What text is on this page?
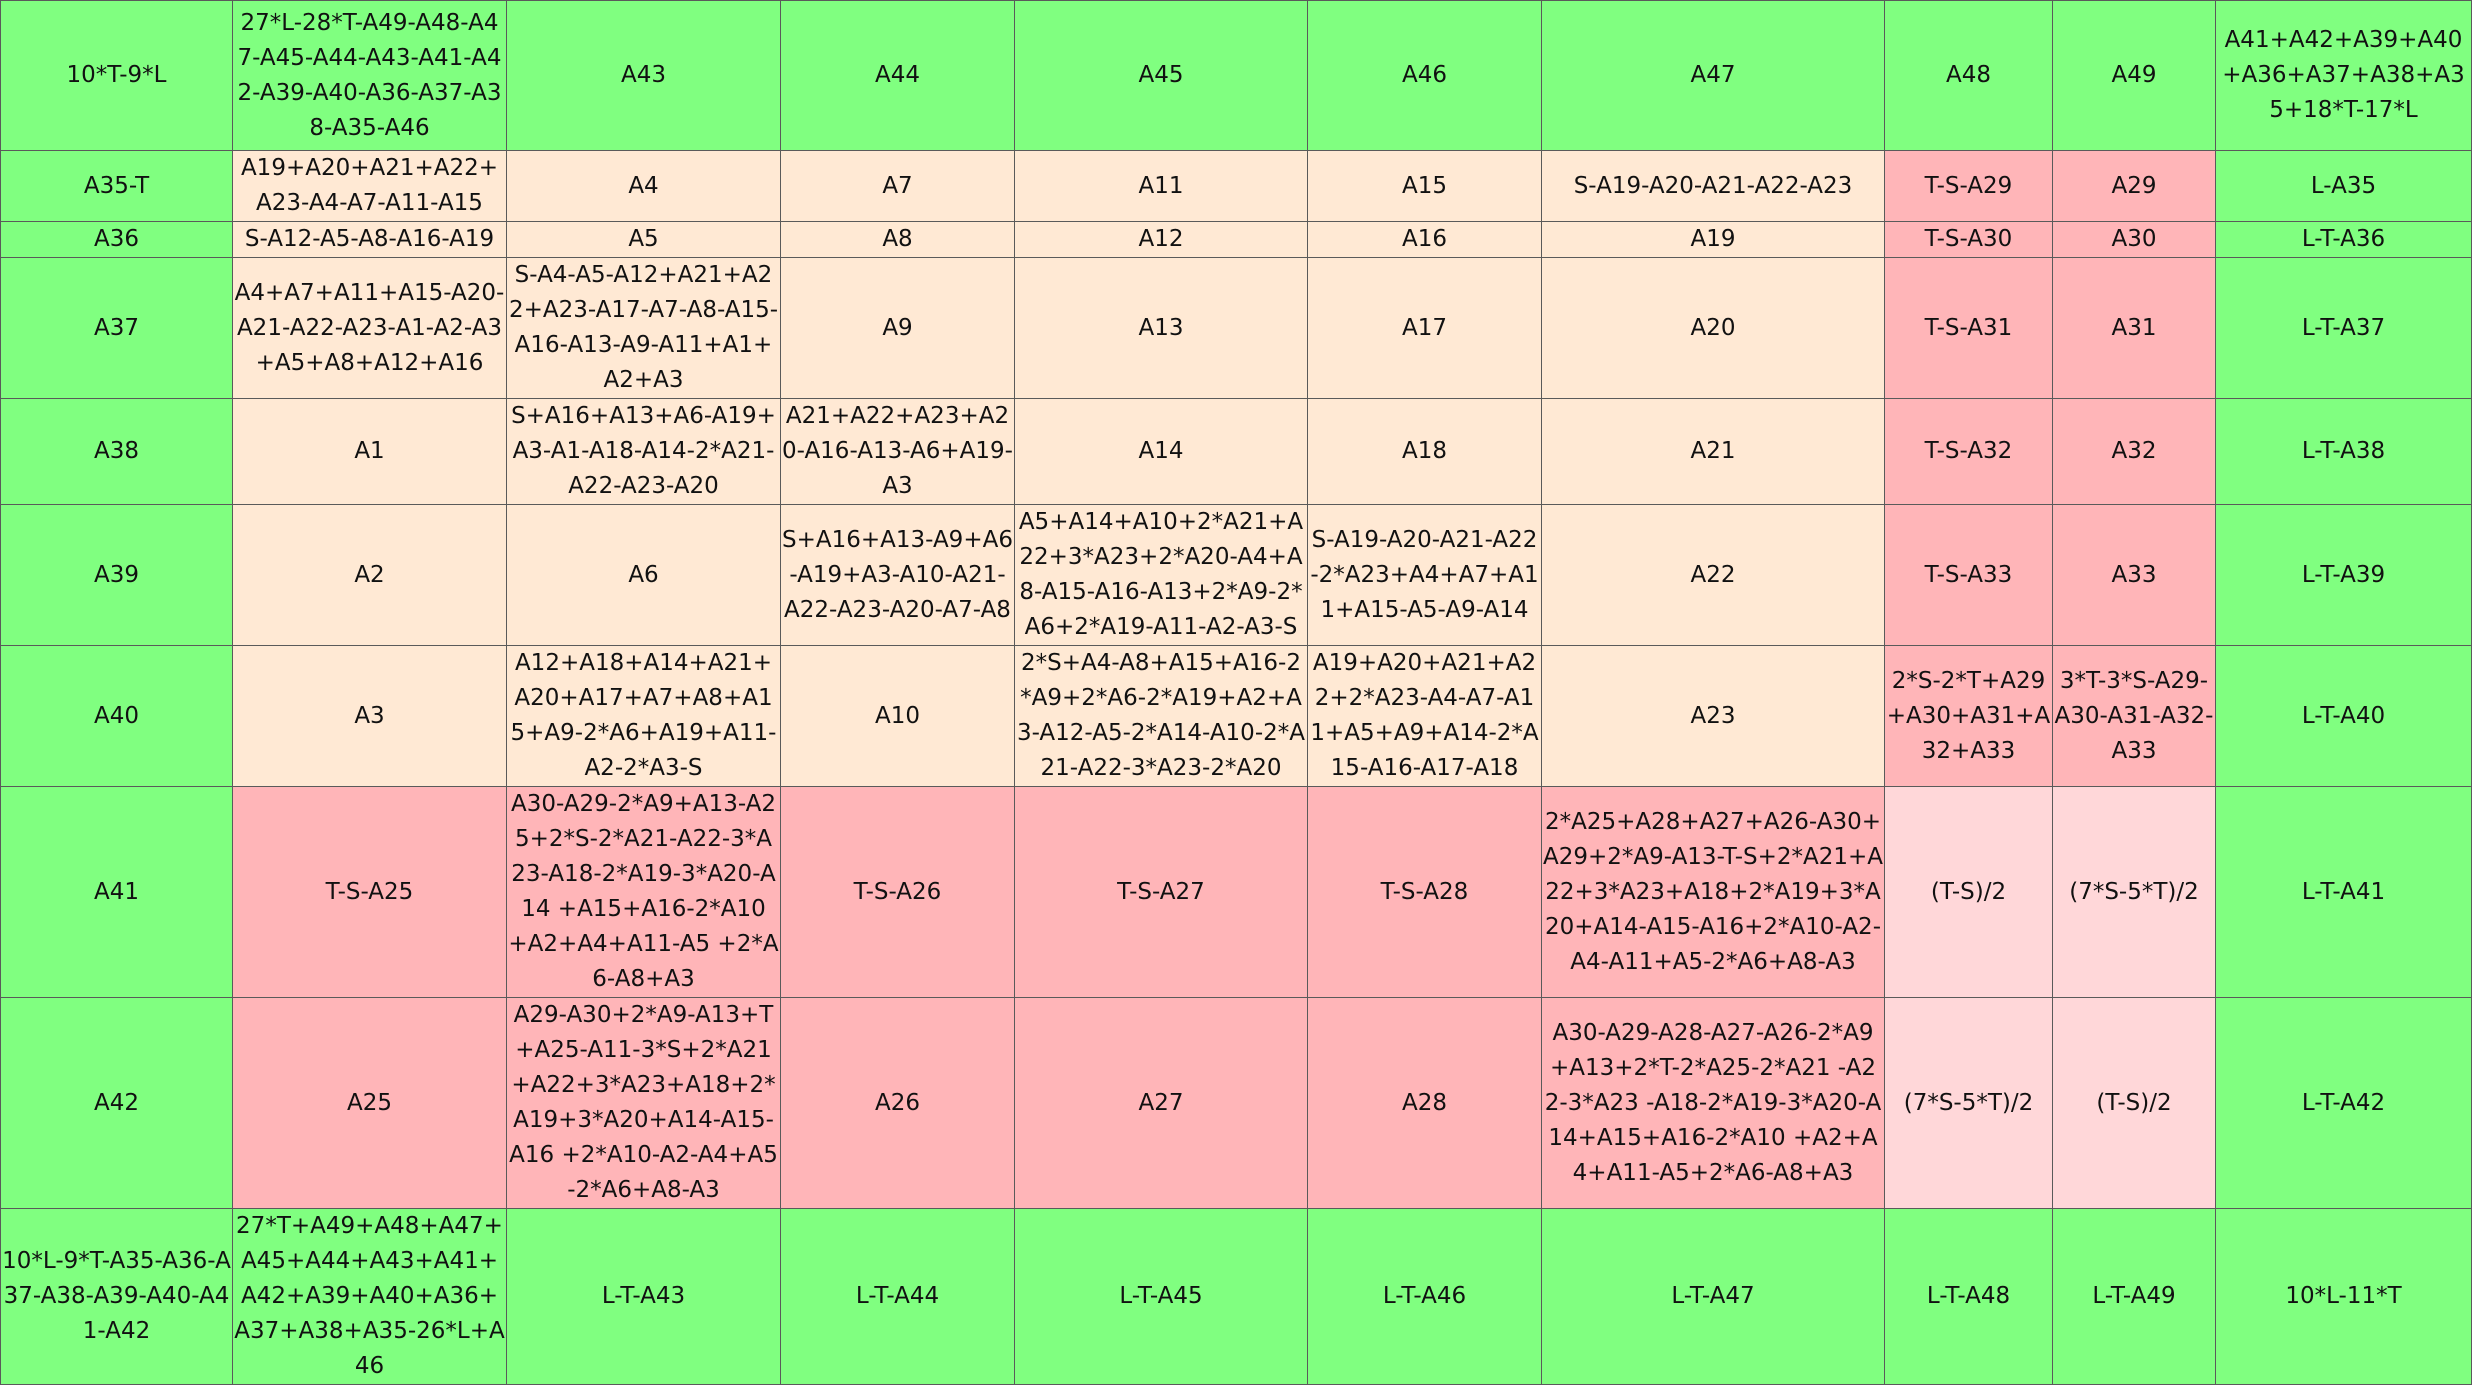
10*T-9*L	27*L-28*T-A49-A48-A47-A45-A44-A43-A41-A42-A39-A40-A36-A37-A38-A35-A46	A43	A44	A45	A46	A47	A48	A49	A41+A42+A39+A40+A36+A37+A38+A35+18*T-17*L
A35-T	A19+A20+A21+A22+A23-A4-A7-A11-A15	A4	A7	A11	A15	S-A19-A20-A21-A22-A23	T-S-A29	A29	L-A35
A36	S-A12-A5-A8-A16-A19	A5	A8	A12	A16	A19	T-S-A30	A30	L-T-A36
A37	A4+A7+A11+A15-A20-A21-A22-A23-A1-A2-A3+A5+A8+A12+A16	S-A4-A5-A12+A21+A22+A23-A17-A7-A8-A15-A16-A13-A9-A11+A1+A2+A3	A9	A13	A17	A20	T-S-A31	A31	L-T-A37
A38	A1	S+A16+A13+A6-A19+A3-A1-A18-A14-2*A21-A22-A23-A20	A21+A22+A23+A20-A16-A13-A6+A19-A3	A14	A18	A21	T-S-A32	A32	L-T-A38
A39	A2	A6	S+A16+A13-A9+A6-A19+A3-A10-A21-A22-A23-A20-A7-A8	A5+A14+A10+2*A21+A22+3*A23+2*A20-A4+A8-A15-A16-A13+2*A9-2*A6+2*A19-A11-A2-A3-S	S-A19-A20-A21-A22-2*A23+A4+A7+A11+A15-A5-A9-A14	A22	T-S-A33	A33	L-T-A39
A40	A3	A12+A18+A14+A21+A20+A17+A7+A8+A15+A9-2*A6+A19+A11-A2-2*A3-S	A10	2*S+A4-A8+A15+A16-2*A9+2*A6-2*A19+A2+A3-A12-A5-2*A14-A10-2*A21-A22-3*A23-2*A20	A19+A20+A21+A22+2*A23-A4-A7-A11+A5+A9+A14-2*A15-A16-A17-A18	A23	2*S-2*T+A29+A30+A31+A32+A33	3*T-3*S-A29-A30-A31-A32-A33	L-T-A40
A41	T-S-A25	A30-A29-2*A9+A13-A25+2*S-2*A21-A22-3*A23-A18-2*A19-3*A20-A14 +A15+A16-2*A10 +A2+A4+A11-A5 +2*A6-A8+A3	T-S-A26	T-S-A27	T-S-A28	2*A25+A28+A27+A26-A30+A29+2*A9-A13-T-S+2*A21+A22+3*A23+A18+2*A19+3*A20+A14-A15-A16+2*A10-A2-A4-A11+A5-2*A6+A8-A3	(T-S)/2	(7*S-5*T)/2	L-T-A41
A42	A25	A29-A30+2*A9-A13+T+A25-A11-3*S+2*A21+A22+3*A23+A18+2*A19+3*A20+A14-A15-A16 +2*A10-A2-A4+A5-2*A6+A8-A3	A26	A27	A28	A30-A29-A28-A27-A26-2*A9+A13+2*T-2*A25-2*A21 -A22-3*A23 -A18-2*A19-3*A20-A14+A15+A16-2*A10 +A2+A4+A11-A5+2*A6-A8+A3	(7*S-5*T)/2	(T-S)/2	L-T-A42
10*L-9*T-A35-A36-A37-A38-A39-A40-A41-A42	27*T+A49+A48+A47+A45+A44+A43+A41+A42+A39+A40+A36+A37+A38+A35-26*L+A46	L-T-A43	L-T-A44	L-T-A45	L-T-A46	L-T-A47	L-T-A48	L-T-A49	10*L-11*T
